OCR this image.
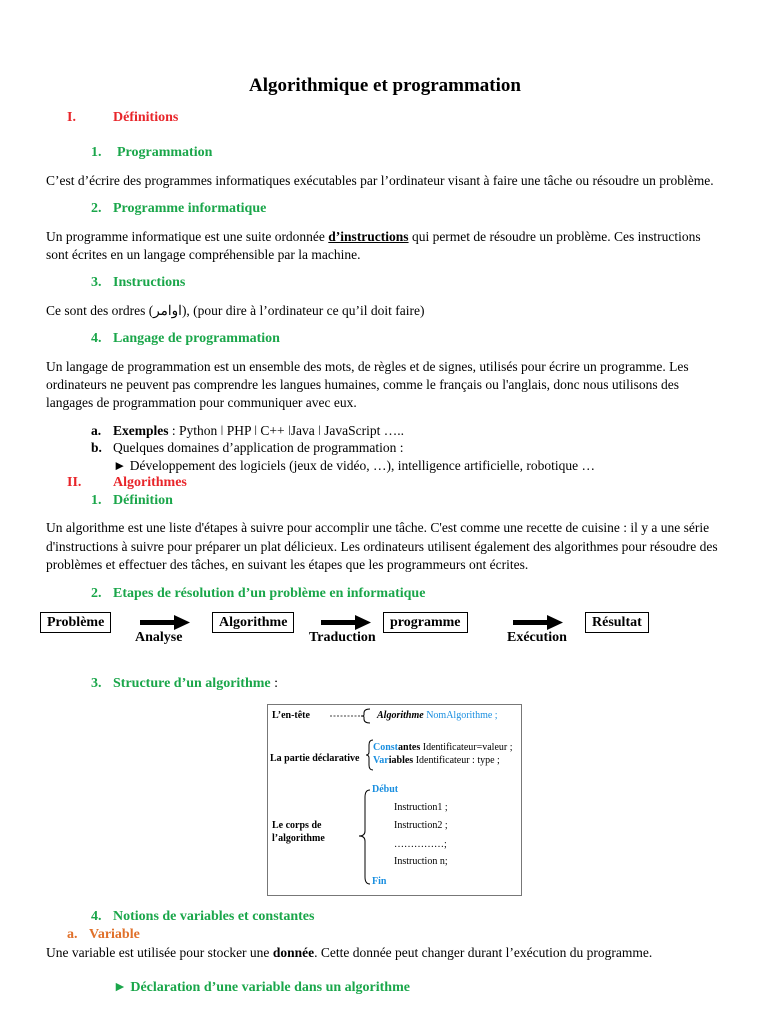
Algorithmique et programmation
I.	Définitions
1. Programmation
C’est d’écrire des programmes informatiques exécutables par l’ordinateur visant à faire une tâche ou résoudre un problème.
2. Programme informatique
Un programme informatique est une suite ordonnée d’instructions qui permet de résoudre un problème. Ces instructions
sont écrites en un langage compréhensible par la machine.
3. Instructions
Ce sont des ordres (اوامر), (pour dire à l’ordinateur ce qu’il doit faire)
4. Langage de programmation
Un langage de programmation est un ensemble des mots, de règles et de signes, utilisés pour écrire un programme. Les
ordinateurs ne peuvent pas comprendre les langues humaines, comme le français ou l'anglais, donc nous utilisons des
langages de programmation pour communiquer avec eux.
a. Exemples : Python ǀ PHP ǀ C++ ǀJava ǀ JavaScript …..
b. Quelques domaines d’application de programmation :
► Développement des logiciels (jeux de vidéo, …), intelligence artificielle, robotique …
II. Algorithmes
1. Définition
Un algorithme est une liste d'étapes à suivre pour accomplir une tâche. C'est comme une recette de cuisine : il y a une série
d'instructions à suivre pour préparer un plat délicieux. Les ordinateurs utilisent également des algorithmes pour résoudre des
problèmes et effectuer des tâches, en suivant les étapes que les programmeurs ont écrites.
2. Etapes de résolution d’un problème en informatique
Problème	Algorithme	programme	Résultat
Analyse	Traduction	Exécution
3. Structure d’un algorithme :
L’en-tête	Algorithme NomAlgorithme ;
La partie déclarative
Constantes Identificateur=valeur ;
Variables Identificateur : type ;
Début
Le corps de
l’algorithme
Instruction1 ;
Instruction2 ;
……………;
Instruction n;
Fin
4. Notions de variables et constantes
a. Variable
Une variable est utilisée pour stocker une donnée. Cette donnée peut changer durant l’exécution du programme.
► Déclaration d’une variable dans un algorithme
